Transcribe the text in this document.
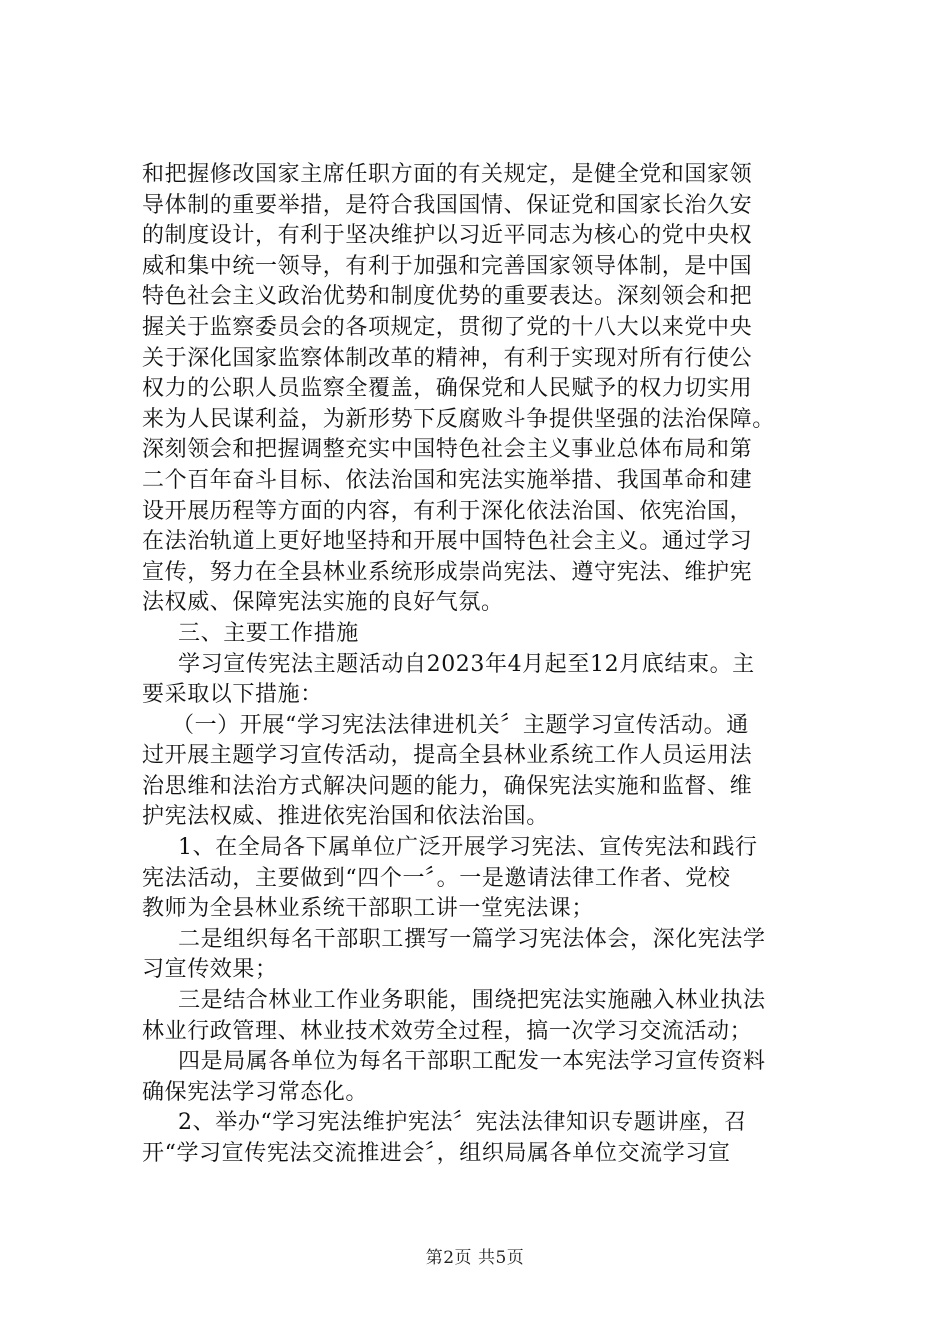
和把握修改国家主席任职方面的有关规定，是健全党和国家领
导体制的重要举措，是符合我国国情、保证党和国家长治久安
的制度设计，有利于坚决维护以习近平同志为核心的党中央权
威和集中统一领导，有利于加强和完善国家领导体制，是中国
特色社会主义政治优势和制度优势的重要表达。深刻领会和把
握关于监察委员会的各项规定，贯彻了党的十八大以来党中央
关于深化国家监察体制改革的精神，有利于实现对所有行使公
权力的公职人员监察全覆盖，确保党和人民赋予的权力切实用
来为人民谋利益，为新形势下反腐败斗争提供坚强的法治保障。
深刻领会和把握调整充实中国特色社会主义事业总体布局和第
二个百年奋斗目标、依法治国和宪法实施举措、我国革命和建
设开展历程等方面的内容，有利于深化依法治国、依宪治国，
在法治轨道上更好地坚持和开展中国特色社会主义。通过学习
宣传，努力在全县林业系统形成崇尚宪法、遵守宪法、维护宪
法权威、保障宪法实施的良好气氛。
三、主要工作措施
学习宣传宪法主题活动自2023年4月起至12月底结束。主
要采取以下措施：
（一）开展“学习宪法法律进机关〞主题学习宣传活动。通
过开展主题学习宣传活动，提高全县林业系统工作人员运用法
治思维和法治方式解决问题的能力，确保宪法实施和监督、维
护宪法权威、推进依宪治国和依法治国。
1、在全局各下属单位广泛开展学习宪法、宣传宪法和践行
宪法活动，主要做到“四个一〞。一是邀请法律工作者、党校
教师为全县林业系统干部职工讲一堂宪法课；
二是组织每名干部职工撰写一篇学习宪法体会，深化宪法学
习宣传效果；
三是结合林业工作业务职能，围绕把宪法实施融入林业执法
林业行政管理、林业技术效劳全过程，搞一次学习交流活动；
四是局属各单位为每名干部职工配发一本宪法学习宣传资料
确保宪法学习常态化。
2、举办“学习宪法维护宪法〞宪法法律知识专题讲座，召
开“学习宣传宪法交流推进会〞，组织局属各单位交流学习宣
第2页 共5页
